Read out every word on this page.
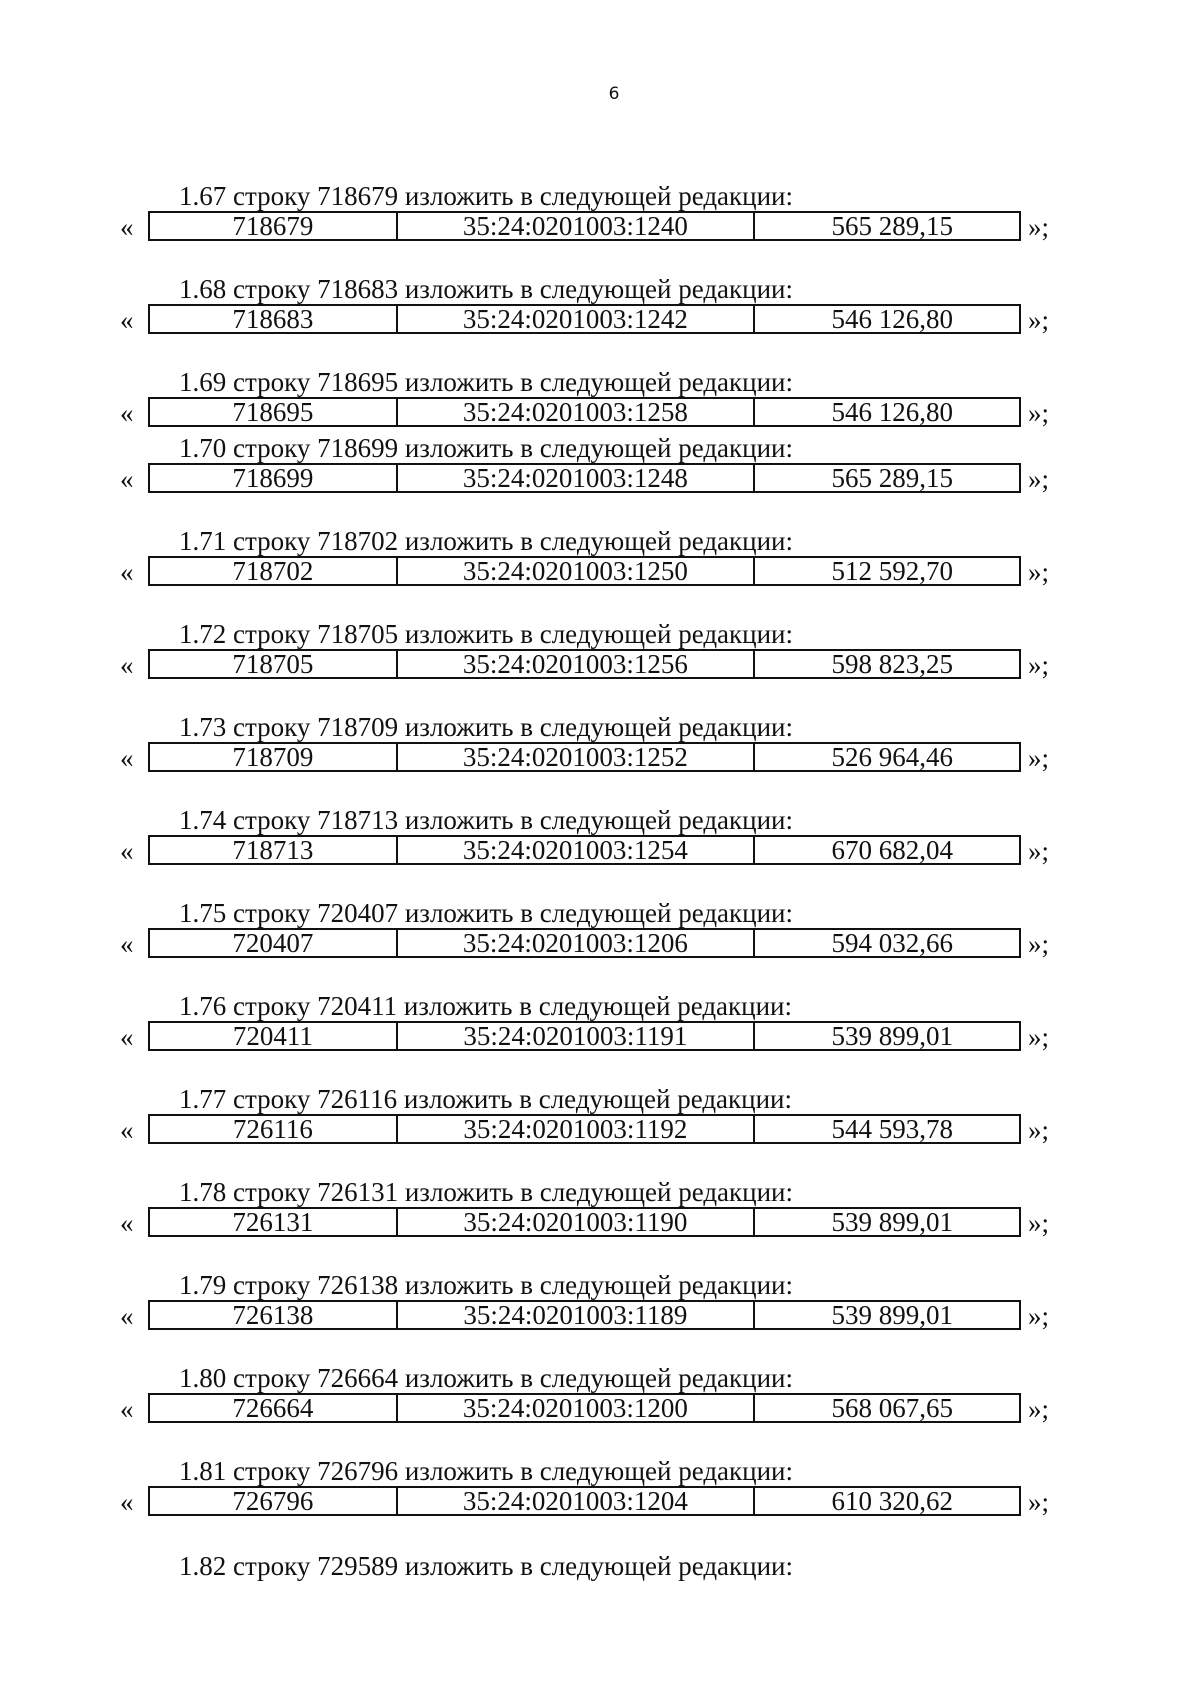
6
1.67 строку 718679 изложить в следующей редакции:
«	718679	35:24:0201003:1240	565 289,15	»;
1.68 строку 718683 изложить в следующей редакции:
«	718683	35:24:0201003:1242	546 126,80	»;
1.69 строку 718695 изложить в следующей редакции:
«	718695	35:24:0201003:1258	546 126,80	»;
1.70 строку 718699 изложить в следующей редакции:
«	718699	35:24:0201003:1248	565 289,15	»;
1.71 строку 718702 изложить в следующей редакции:
«	718702	35:24:0201003:1250	512 592,70	»;
1.72 строку 718705 изложить в следующей редакции:
«	718705	35:24:0201003:1256	598 823,25	»;
1.73 строку 718709 изложить в следующей редакции:
«	718709	35:24:0201003:1252	526 964,46	»;
1.74 строку 718713 изложить в следующей редакции:
«	718713	35:24:0201003:1254	670 682,04	»;
1.75 строку 720407 изложить в следующей редакции:
«	720407	35:24:0201003:1206	594 032,66	»;
1.76 строку 720411 изложить в следующей редакции:
«	720411	35:24:0201003:1191	539 899,01	»;
1.77 строку 726116 изложить в следующей редакции:
«	726116	35:24:0201003:1192	544 593,78	»;
1.78 строку 726131 изложить в следующей редакции:
«	726131	35:24:0201003:1190	539 899,01	»;
1.79 строку 726138 изложить в следующей редакции:
«	726138	35:24:0201003:1189	539 899,01	»;
1.80 строку 726664 изложить в следующей редакции:
«	726664	35:24:0201003:1200	568 067,65	»;
1.81 строку 726796 изложить в следующей редакции:
«	726796	35:24:0201003:1204	610 320,62	»;
1.82 строку 729589 изложить в следующей редакции:
